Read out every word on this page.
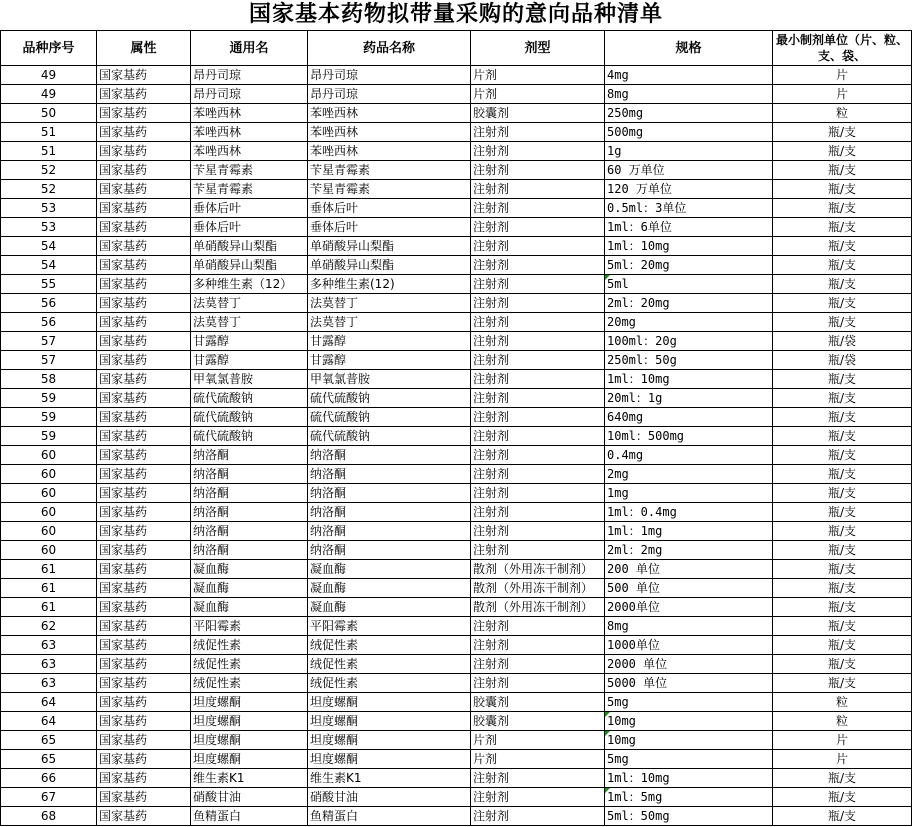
国家基本药物拟带量采购的意向品种清单
品种序号	属性	通用名	药品名称	剂型	规格	最小制剂单位（片、粒、支、袋、
49	国家基药	昂丹司琼	昂丹司琼	片剂	4mg	片
49	国家基药	昂丹司琼	昂丹司琼	片剂	8mg	片
50	国家基药	苯唑西林	苯唑西林	胶囊剂	250mg	粒
51	国家基药	苯唑西林	苯唑西林	注射剂	500mg	瓶/支
51	国家基药	苯唑西林	苯唑西林	注射剂	1g	瓶/支
52	国家基药	苄星青霉素	苄星青霉素	注射剂	60 万单位	瓶/支
52	国家基药	苄星青霉素	苄星青霉素	注射剂	120 万单位	瓶/支
53	国家基药	垂体后叶	垂体后叶	注射剂	0.5ml：3单位	瓶/支
53	国家基药	垂体后叶	垂体后叶	注射剂	1ml：6单位	瓶/支
54	国家基药	单硝酸异山梨酯	单硝酸异山梨酯	注射剂	1ml：10mg	瓶/支
54	国家基药	单硝酸异山梨酯	单硝酸异山梨酯	注射剂	5ml：20mg	瓶/支
55	国家基药	多种维生素（12）	多种维生素(12)	注射剂	5ml	瓶/支
56	国家基药	法莫替丁	法莫替丁	注射剂	2ml：20mg	瓶/支
56	国家基药	法莫替丁	法莫替丁	注射剂	20mg	瓶/支
57	国家基药	甘露醇	甘露醇	注射剂	100ml：20g	瓶/袋
57	国家基药	甘露醇	甘露醇	注射剂	250ml：50g	瓶/袋
58	国家基药	甲氧氯普胺	甲氧氯普胺	注射剂	1ml：10mg	瓶/支
59	国家基药	硫代硫酸钠	硫代硫酸钠	注射剂	20ml：1g	瓶/支
59	国家基药	硫代硫酸钠	硫代硫酸钠	注射剂	640mg	瓶/支
59	国家基药	硫代硫酸钠	硫代硫酸钠	注射剂	10ml：500mg	瓶/支
60	国家基药	纳洛酮	纳洛酮	注射剂	0.4mg	瓶/支
60	国家基药	纳洛酮	纳洛酮	注射剂	2mg	瓶/支
60	国家基药	纳洛酮	纳洛酮	注射剂	1mg	瓶/支
60	国家基药	纳洛酮	纳洛酮	注射剂	1ml：0.4mg	瓶/支
60	国家基药	纳洛酮	纳洛酮	注射剂	1ml：1mg	瓶/支
60	国家基药	纳洛酮	纳洛酮	注射剂	2ml：2mg	瓶/支
61	国家基药	凝血酶	凝血酶	散剂（外用冻干制剂）	200 单位	瓶/支
61	国家基药	凝血酶	凝血酶	散剂（外用冻干制剂）	500 单位	瓶/支
61	国家基药	凝血酶	凝血酶	散剂（外用冻干制剂）	2000单位	瓶/支
62	国家基药	平阳霉素	平阳霉素	注射剂	8mg	瓶/支
63	国家基药	绒促性素	绒促性素	注射剂	1000单位	瓶/支
63	国家基药	绒促性素	绒促性素	注射剂	2000 单位	瓶/支
63	国家基药	绒促性素	绒促性素	注射剂	5000 单位	瓶/支
64	国家基药	坦度螺酮	坦度螺酮	胶囊剂	5mg	粒
64	国家基药	坦度螺酮	坦度螺酮	胶囊剂	10mg	粒
65	国家基药	坦度螺酮	坦度螺酮	片剂	10mg	片
65	国家基药	坦度螺酮	坦度螺酮	片剂	5mg	片
66	国家基药	维生素K1	维生素K1	注射剂	1ml：10mg	瓶/支
67	国家基药	硝酸甘油	硝酸甘油	注射剂	1ml：5mg	瓶/支
68	国家基药	鱼精蛋白	鱼精蛋白	注射剂	5ml：50mg	瓶/支
